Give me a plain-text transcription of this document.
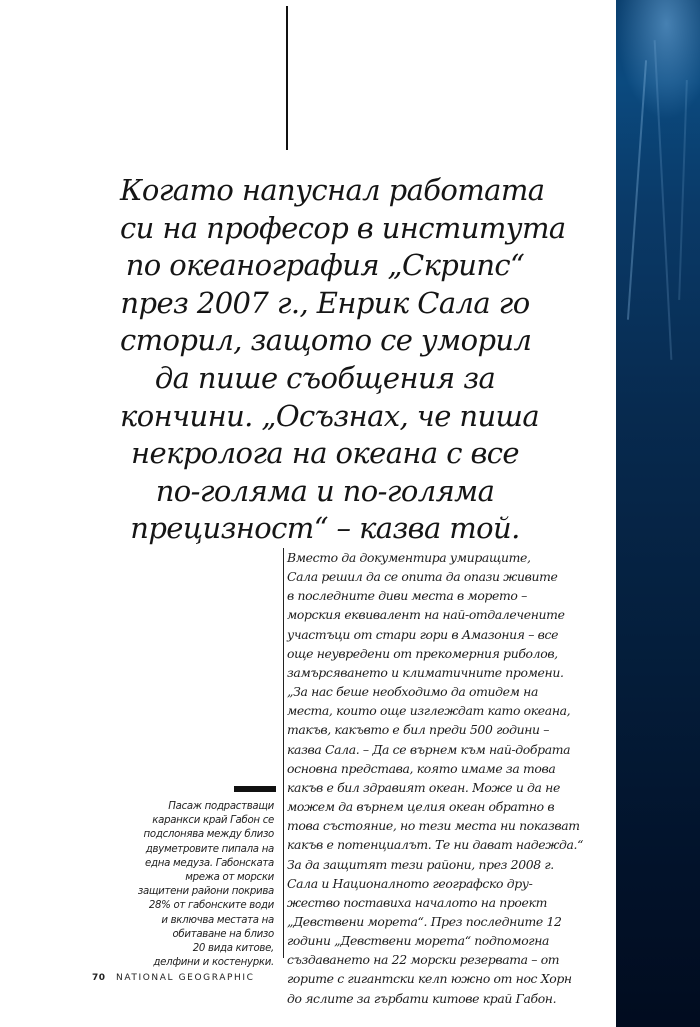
Когато напуснал работата
си на професор в института
по океанография „Скрипс“
през 2007 г., Енрик Сала го
сторил, защото се уморил
да пише съобщения за
кончини. „Осъзнах, че пиша
некролога на океана с все
по-голяма и по-голяма
прецизност“ – казва той.
Вместо да документира умиращите,
Сала решил да се опита да опази живите
в последните диви места в морето –
морския еквивалент на най-отдалечените
участъци от стари гори в Амазония – все
още неувредени от прекомерния риболов,
замърсяването и климатичните промени.
„За нас беше необходимо да отидем на
места, които още изглеждат като океана,
такъв, какъвто е бил преди 500 години –
казва Сала. – Да се върнем към най-добрата
основна представа, която имаме за това
какъв е бил здравият океан. Може и да не
можем да върнем целия океан обратно в
това състояние, но тези места ни показват
какъв е потенциалът. Те ни дават надежда.“
За да защитят тези райони, през 2008 г.
Сала и Националното географско дру-
жество поставиха началото на проект
„Девствени морета“. През последните 12
години „Девствени морета“ подпомогна
създаването на 22 морски резервата – от
горите с гигантски келп южно от нос Хорн
до яслите за гърбати китове край Габон.
Пасаж подрастващи
каранкси край Габон се
подслонява между близо
двуметровите пипала на
една медуза. Габонската
мрежа от морски
защитени райони покрива
28% от габонските води
и включва местата на
обитаване на близо
20 вида китове,
делфини и костенурки.
70 NATIONAL GEOGRAPHIC
